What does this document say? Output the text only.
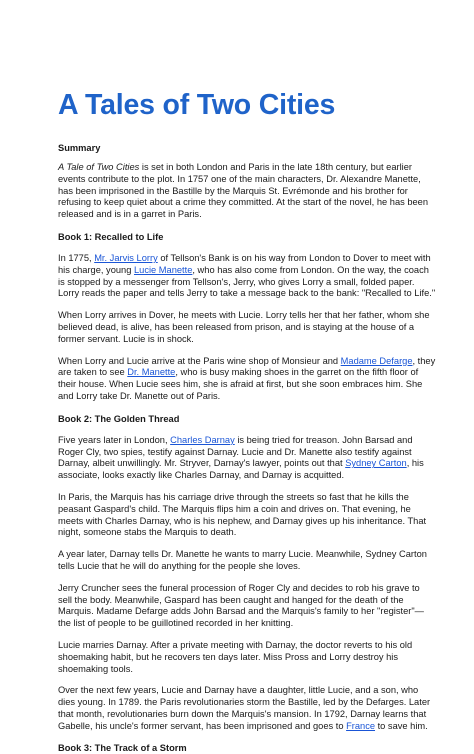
A Tales of Two Cities
Summary

A Tale of Two Cities is set in both London and Paris in the late 18th century, but earlier events contribute to the plot. In 1757 one of the main characters, Dr. Alexandre Manette, has been imprisoned in the Bastille by the Marquis St. Evrémonde and his brother for refusing to keep quiet about a crime they committed. At the start of the novel, he has been released and is in a garret in Paris.

Book 1: Recalled to Life

In 1775, Mr. Jarvis Lorry of Tellson's Bank is on his way from London to Dover to meet with his charge, young Lucie Manette, who has also come from London. On the way, the coach is stopped by a messenger from Tellson's, Jerry, who gives Lorry a small, folded paper. Lorry reads the paper and tells Jerry to take a message back to the bank: "Recalled to Life."

When Lorry arrives in Dover, he meets with Lucie. Lorry tells her that her father, whom she believed dead, is alive, has been released from prison, and is staying at the house of a former servant. Lucie is in shock.

When Lorry and Lucie arrive at the Paris wine shop of Monsieur and Madame Defarge, they are taken to see Dr. Manette, who is busy making shoes in the garret on the fifth floor of their house. When Lucie sees him, she is afraid at first, but she soon embraces him. She and Lorry take Dr. Manette out of Paris.

Book 2: The Golden Thread

Five years later in London, Charles Darnay is being tried for treason. John Barsad and Roger Cly, two spies, testify against Darnay. Lucie and Dr. Manette also testify against Darnay, albeit unwillingly. Mr. Stryver, Darnay's lawyer, points out that Sydney Carton, his associate, looks exactly like Charles Darnay, and Darnay is acquitted.

In Paris, the Marquis has his carriage drive through the streets so fast that he kills the peasant Gaspard's child. The Marquis flips him a coin and drives on. That evening, he meets with Charles Darnay, who is his nephew, and Darnay gives up his inheritance. That night, someone stabs the Marquis to death.

A year later, Darnay tells Dr. Manette he wants to marry Lucie. Meanwhile, Sydney Carton tells Lucie that he will do anything for the people she loves.

Jerry Cruncher sees the funeral procession of Roger Cly and decides to rob his grave to sell the body. Meanwhile, Gaspard has been caught and hanged for the death of the Marquis. Madame Defarge adds John Barsad and the Marquis's family to her "register"—the list of people to be guillotined recorded in her knitting.

Lucie marries Darnay. After a private meeting with Darnay, the doctor reverts to his old shoemaking habit, but he recovers ten days later. Miss Pross and Lorry destroy his shoemaking tools.

Over the next few years, Lucie and Darnay have a daughter, little Lucie, and a son, who dies young. In 1789. the Paris revolutionaries storm the Bastille, led by the Defarges. Later that month, revolutionaries burn down the Marquis's mansion. In 1792, Darnay learns that Gabelle, his uncle's former servant, has been imprisoned and goes to France to save him.

Book 3: The Track of a Storm
